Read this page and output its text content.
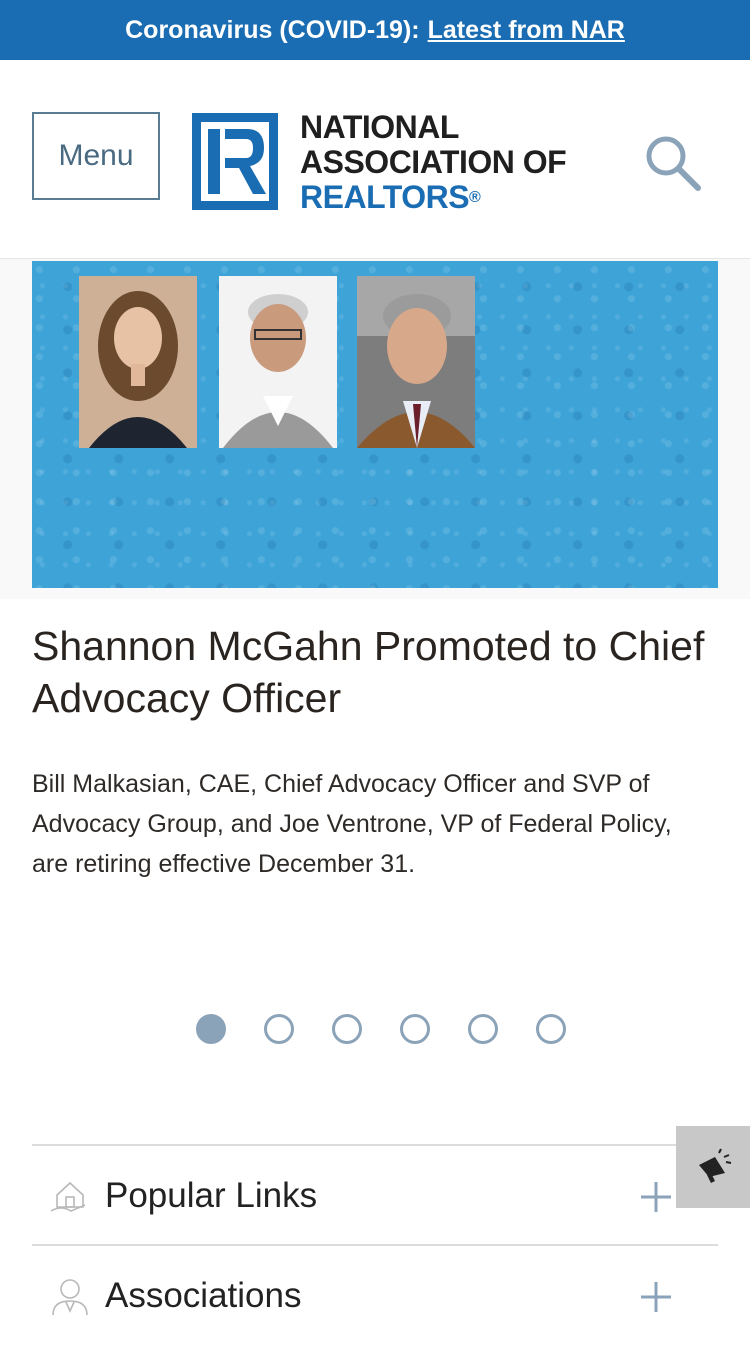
Coronavirus (COVID-19): Latest from NAR
Menu
NATIONAL
ASSOCIATION OF
REALTORS®
Shannon McGahn Promoted to Chief Advocacy Officer
Bill Malkasian, CAE, Chief Advocacy Officer and SVP of Advocacy Group, and Joe Ventrone, VP of Federal Policy, are retiring effective December 31.
Popular Links
Associations
